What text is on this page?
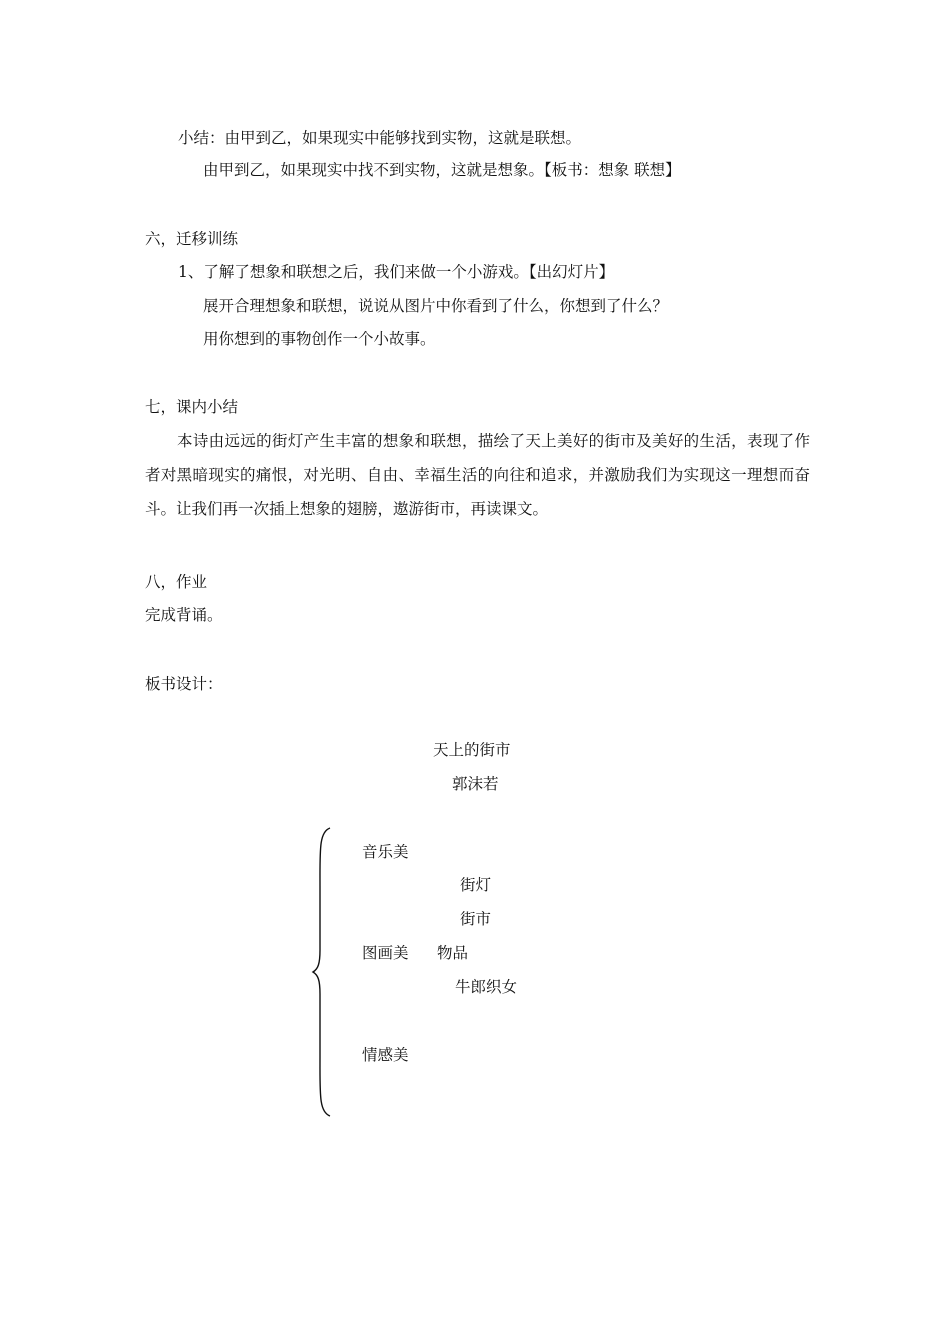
小结：由甲到乙，如果现实中能够找到实物，这就是联想。
由甲到乙，如果现实中找不到实物，这就是想象。【板书：想象 联想】
六，迁移训练
1、了解了想象和联想之后，我们来做一个小游戏。【出幻灯片】
展开合理想象和联想，说说从图片中你看到了什么，你想到了什么？
用你想到的事物创作一个小故事。
七，课内小结
本诗由远远的街灯产生丰富的想象和联想，描绘了天上美好的街市及美好的生活，表现了作者对黑暗现实的痛恨，对光明、自由、幸福生活的向往和追求，并激励我们为实现这一理想而奋斗。让我们再一次插上想象的翅膀，遨游街市，再读课文。
八，作业
完成背诵。
板书设计：
天上的街市
郭沫若
音乐美
街灯
街市
图画美 物品
牛郎织女
情感美
